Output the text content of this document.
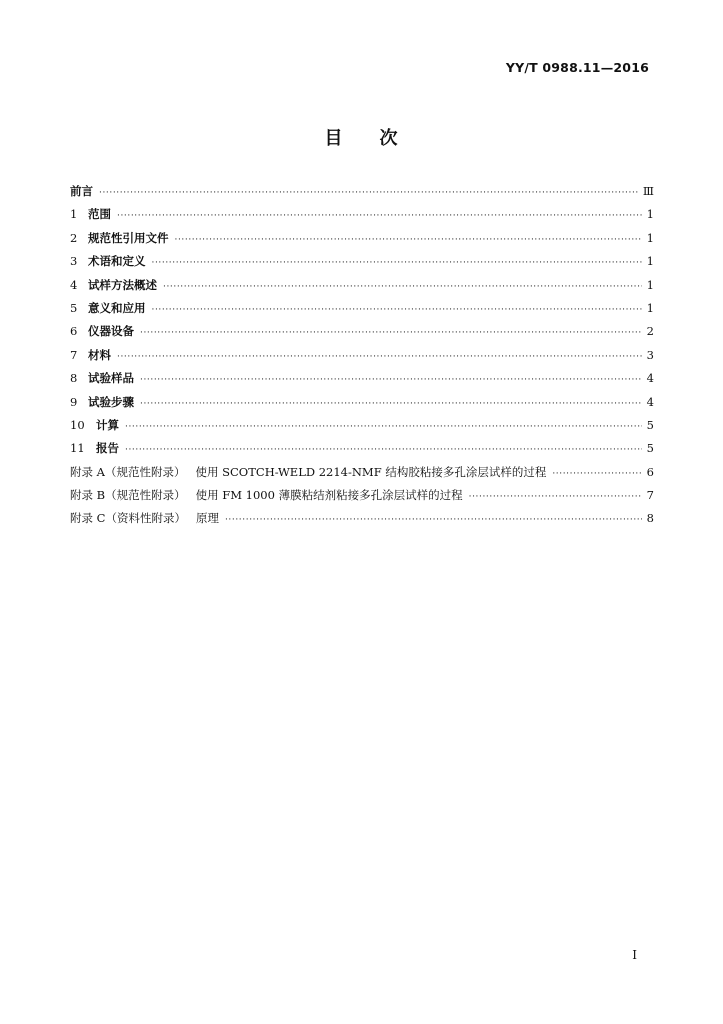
YY/T 0988.11—2016
目 次
前言 ·····	Ⅲ
1 范围 ·····	1
2 规范性引用文件 ·····	1
3 术语和定义 ·····	1
4 试样方法概述 ·····	1
5 意义和应用 ·····	1
6 仪器设备 ·····	2
7 材料 ·····	3
8 试验样品 ·····	4
9 试验步骤 ·····	4
10 计算 ·····	5
11 报告 ·····	5
附录 A（规范性附录） 使用 SCOTCH-WELD 2214-NMF 结构胶粘接多孔涂层试样的过程 ·····	6
附录 B（规范性附录） 使用 FM 1000 薄膜粘结剂粘接多孔涂层试样的过程 ·····	7
附录 C（资料性附录） 原理 ·····	8
Ⅰ
